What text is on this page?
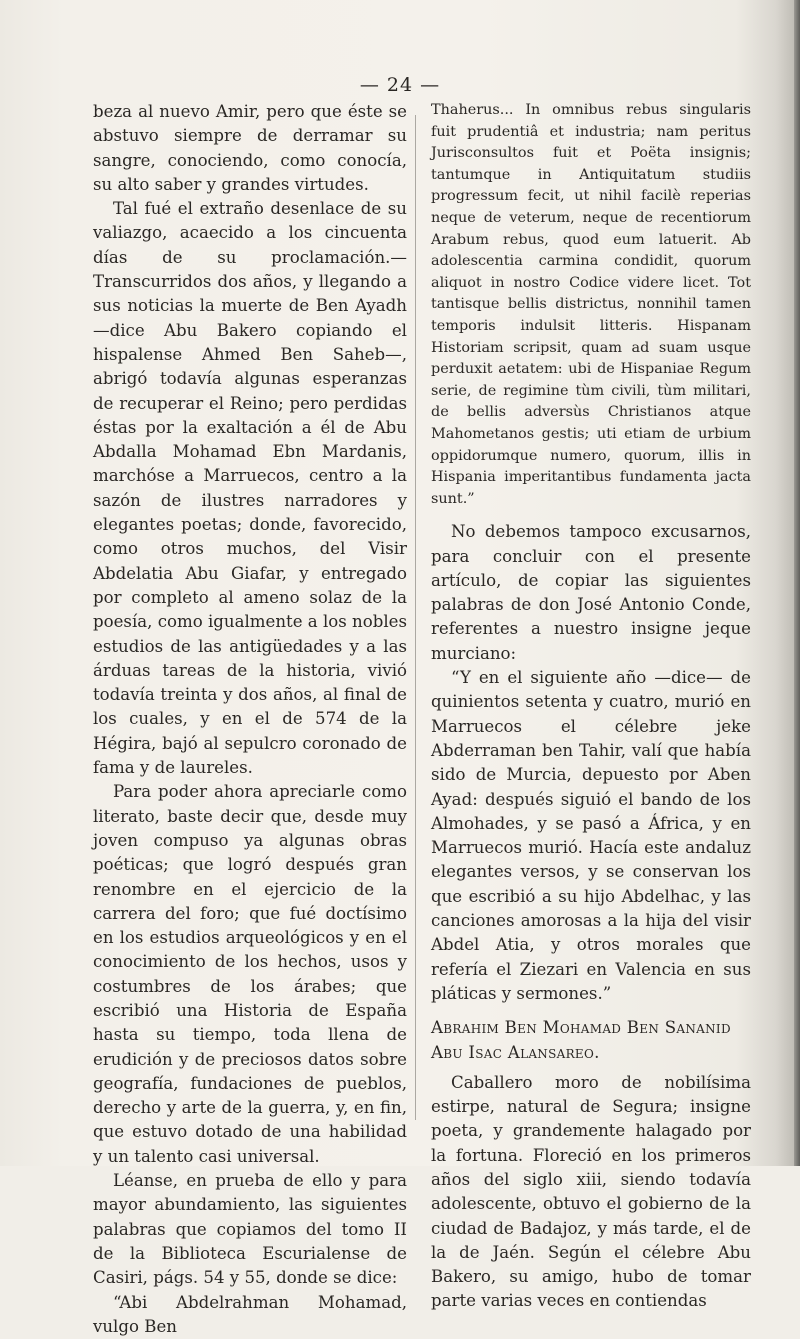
— 24 —

beza al nuevo Amir, pero que éste se abstuvo siempre de derramar su sangre, conociendo, como conocía, su alto saber y grandes virtudes.

Tal fué el extraño desenlace de su valiazgo, acaecido a los cincuenta días de su proclamación.—Transcurridos dos años, y llegando a sus noticias la muerte de Ben Ayadh —dice Abu Bakero copiando el hispalense Ahmed Ben Saheb—, abrigó todavía algunas esperanzas de recuperar el Reino; pero perdidas éstas por la exaltación a él de Abu Abdalla Mohamad Ebn Mardanis, marchóse a Marruecos, centro a la sazón de ilustres narradores y elegantes poetas; donde, favorecido, como otros muchos, del Visir Abdelatia Abu Giafar, y entregado por completo al ameno solaz de la poesía, como igualmente a los nobles estudios de las antigüedades y a las árduas tareas de la historia, vivió todavía treinta y dos años, al final de los cuales, y en el de 574 de la Hégira, bajó al sepulcro coronado de fama y de laureles.

Para poder ahora apreciarle como literato, baste decir que, desde muy joven compuso ya algunas obras poéticas; que logró después gran renombre en el ejercicio de la carrera del foro; que fué doctísimo en los estudios arqueológicos y en el conocimiento de los hechos, usos y costumbres de los árabes; que escribió una Historia de España hasta su tiempo, toda llena de erudición y de preciosos datos sobre geografía, fundaciones de pueblos, derecho y arte de la guerra, y, en fin, que estuvo dotado de una habilidad y un talento casi universal.

Léanse, en prueba de ello y para mayor abundamiento, las siguientes palabras que copiamos del tomo II de la Biblioteca Escurialense de Casiri, págs. 54 y 55, donde se dice:

“Abi Abdelrahman Mohamad, vulgo Ben

Thaherus... In omnibus rebus singularis fuit prudentiâ et industria; nam peritus Jurisconsultos fuit et Poëta insignis; tantumque in Antiquitatum studiis progressum fecit, ut nihil facilè reperias neque de veterum, neque de recentiorum Arabum rebus, quod eum latuerit. Ab adolescentia carmina condidit, quorum aliquot in nostro Codice videre licet. Tot tantisque bellis districtus, nonnihil tamen temporis indulsit litteris. Hispanam Historiam scripsit, quam ad suam usque perduxit aetatem: ubi de Hispaniae Regum serie, de regimine tùm civili, tùm militari, de bellis adversùs Christianos atque Mahometanos gestis; uti etiam de urbium oppidorumque numero, quorum, illis in Hispania imperitantibus fundamenta jacta sunt.”

No debemos tampoco excusarnos, para concluir con el presente artículo, de copiar las siguientes palabras de don José Antonio Conde, referentes a nuestro insigne jeque murciano:

“Y en el siguiente año —dice— de quinientos setenta y cuatro, murió en Marruecos el célebre jeke Abderraman ben Tahir, valí que había sido de Murcia, depuesto por Aben Ayad: después siguió el bando de los Almohades, y se pasó a África, y en Marruecos murió. Hacía este andaluz elegantes versos, y se conservan los que escribió a su hijo Abdelhac, y las canciones amorosas a la hija del visir Abdel Atia, y otros morales que refería el Ziezari en Valencia en sus pláticas y sermones.”

Abrahim Ben Mohamad Ben Sananid

Abu Isac Alansareo.

Caballero moro de nobilísima estirpe, natural de Segura; insigne poeta, y grandemente halagado por la fortuna. Floreció en los primeros años del siglo xiii, siendo todavía adolescente, obtuvo el gobierno de la ciudad de Badajoz, y más tarde, el de la de Jaén. Según el célebre Abu Bakero, su amigo, hubo de tomar parte varias veces en contiendas
